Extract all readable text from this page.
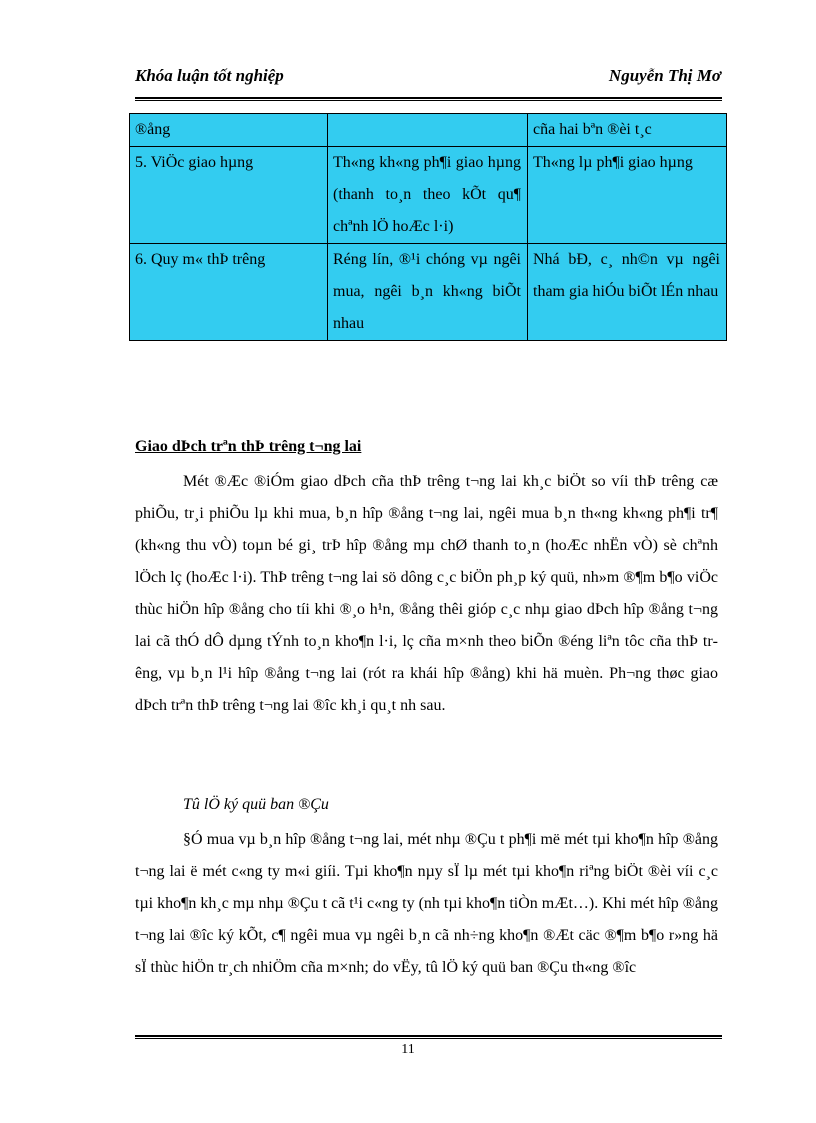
Khóa luận tốt nghiệp	Nguyễn Thị Mơ
®ång		cña hai bªn ®èi t¸c
5. ViÖc giao hµng	Th«ng kh«ng ph¶i giao hµng (thanh to¸n theo kÕt qu¶ chªnh lÖ hoÆc l·i)	Th«ng lµ ph¶i giao hµng
6. Quy m« thÞ trêng	Réng lín, ®¹i chóng vµ ngêi mua, ngêi b¸n kh«ng biÕt nhau	Nhá bÐ, c¸ nh©n vµ ngêi tham gia hiÓu biÕt lÉn nhau
Giao dÞch trªn thÞ trêng t¬ng lai
Mét ®Æc ®iÓm giao dÞch cña thÞ trêng t¬ng lai kh¸c biÖt so víi thÞ trêng cæ phiÕu, tr¸i phiÕu lµ khi mua, b¸n hîp ®ång t¬ng lai, ngêi mua b¸n th«ng kh«ng ph¶i tr¶ (kh«ng thu vÒ) toµn bé gi¸ trÞ hîp ®ång mµ chØ thanh to¸n (hoÆc nhËn vÒ) sè chªnh lÖch lç (hoÆc l·i). ThÞ trêng t¬ng lai sö dông c¸c biÖn ph¸p ký quü, nh»m ®¶m b¶o viÖc thùc hiÖn hîp ®ång cho tíi khi ®¸o h¹n, ®ång thêi gióp c¸c nhµ giao dÞch hîp ®ång t¬ng lai cã thÓ dÔ dµng tÝnh to¸n kho¶n l·i, lç cña m×nh theo biÕn ®éng liªn tôc cña thÞ trêng, vµ b¸n l¹i hîp ®ång t¬ng lai (rót ra khái hîp ®ång) khi hä muèn. Ph¬ng thøc giao dÞch trªn thÞ trêng t¬ng lai ®îc kh¸i qu¸t nh sau.
Tû lÖ ký quü ban ®Çu
§Ó mua vµ b¸n hîp ®ång t¬ng lai, mét nhµ ®Çu t ph¶i më mét tµi kho¶n hîp ®ång t¬ng lai ë mét c«ng ty m«i giíi. Tµi kho¶n nµy sÏ lµ mét tµi kho¶n riªng biÖt ®èi víi c¸c tµi kho¶n kh¸c mµ nhµ ®Çu t cã t¹i c«ng ty (nh tµi kho¶n tiÒn mÆt…). Khi mét hîp ®ång t¬ng lai ®îc ký kÕt, c¶ ngêi mua vµ ngêi b¸n cã nh÷ng kho¶n ®Æt cäc ®¶m b¶o r»ng hä sÏ thùc hiÖn tr¸ch nhiÖm cña m×nh; do vËy, tû lÖ ký quü ban ®Çu th«ng ®îc
11
